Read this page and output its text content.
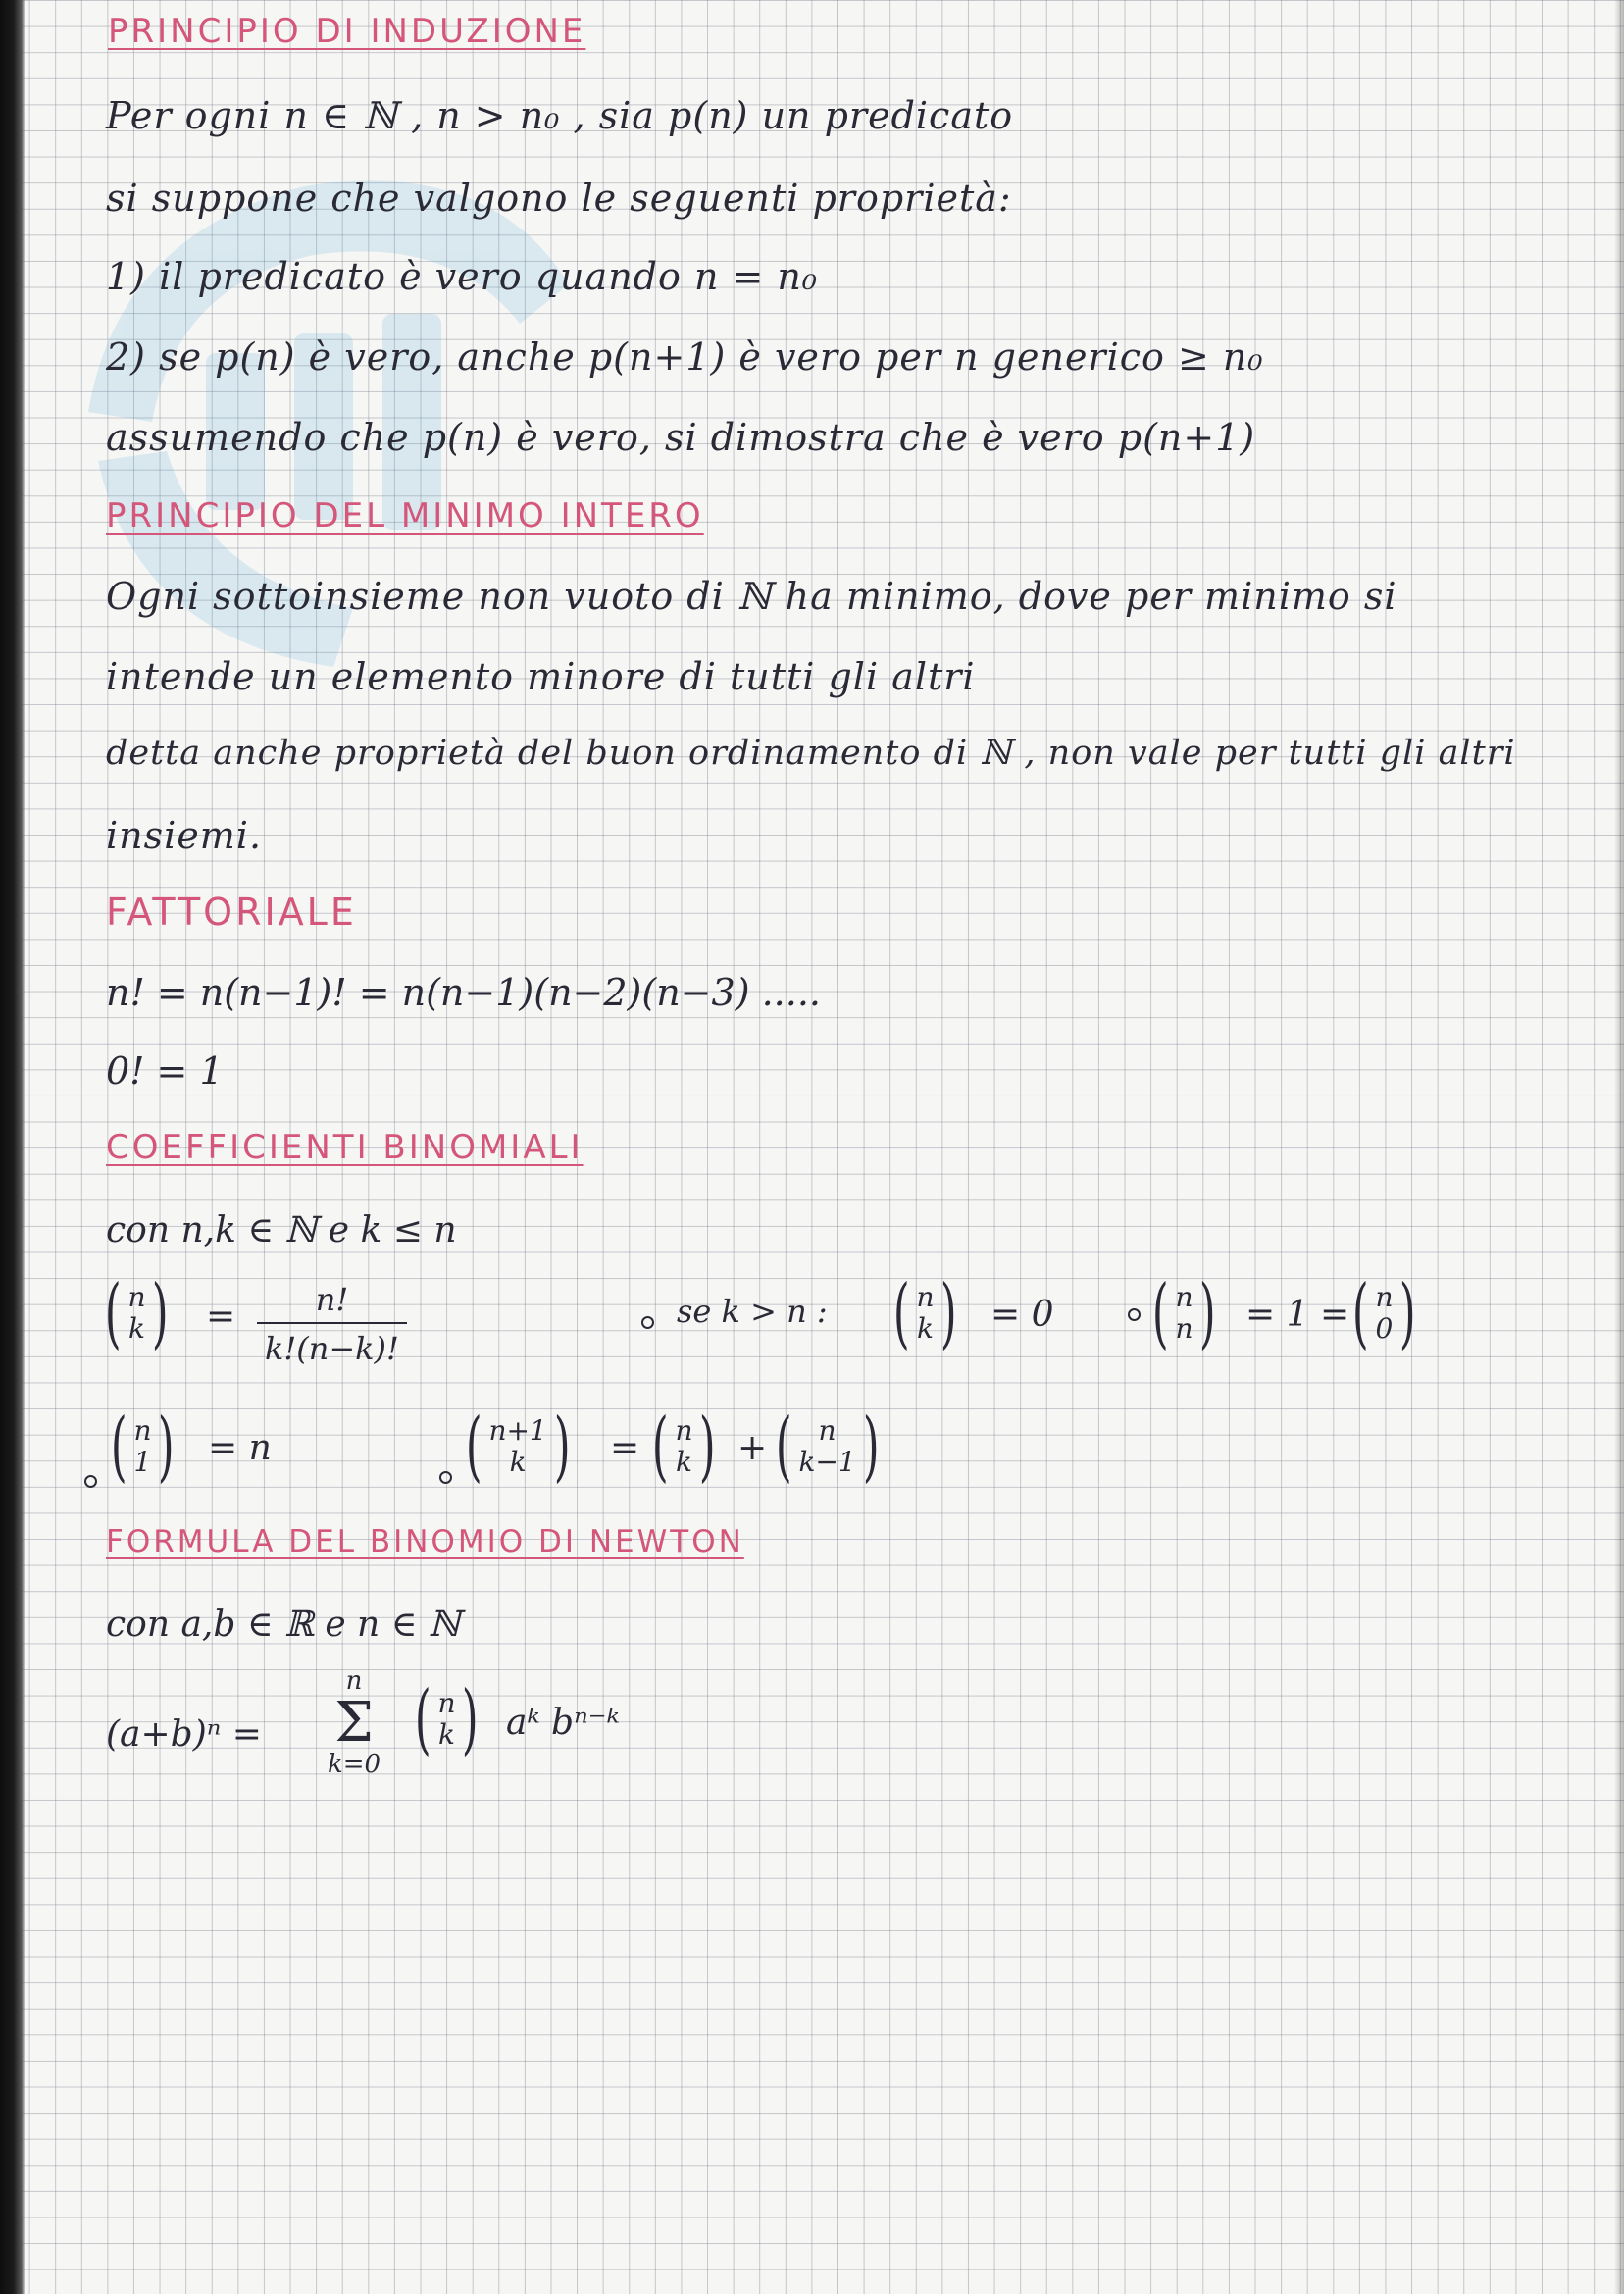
PRINCIPIO DI INDUZIONE
Per ogni n ∈ ℕ , n > n₀ , sia p(n) un predicato
si suppone che valgono le seguenti proprietà:
1) il predicato è vero quando n = n₀
2) se p(n) è vero, anche p(n+1) è vero per n generico ≥ n₀
assumendo che p(n) è vero, si dimostra che è vero p(n+1)
PRINCIPIO DEL MINIMO INTERO
Ogni sottoinsieme non vuoto di ℕ ha minimo, dove per minimo si
intende un elemento minore di tutti gli altri
detta anche proprietà del buon ordinamento di ℕ , non vale per tutti gli altri
insiemi.
FATTORIALE
n! = n(n−1)! = n(n−1)(n−2)(n−3) .....
0! = 1
COEFFICIENTI BINOMIALI
con n,k ∈ ℕ e k ≤ n
( n
k ) =	n!
k!(n−k)!
se k > n : ( n
k ) = 0 ( n
n ) = 1 = ( n
0 )
( n
1 ) = n	( n+1
k ) = ( n
k ) + ( n
k−1 )
FORMULA DEL BINOMIO DI NEWTON
con a,b ∈ ℝ e n ∈ ℕ
(a+b)ⁿ =
n
Σ
k=0
( n
k ) aᵏ bⁿ⁻ᵏ
